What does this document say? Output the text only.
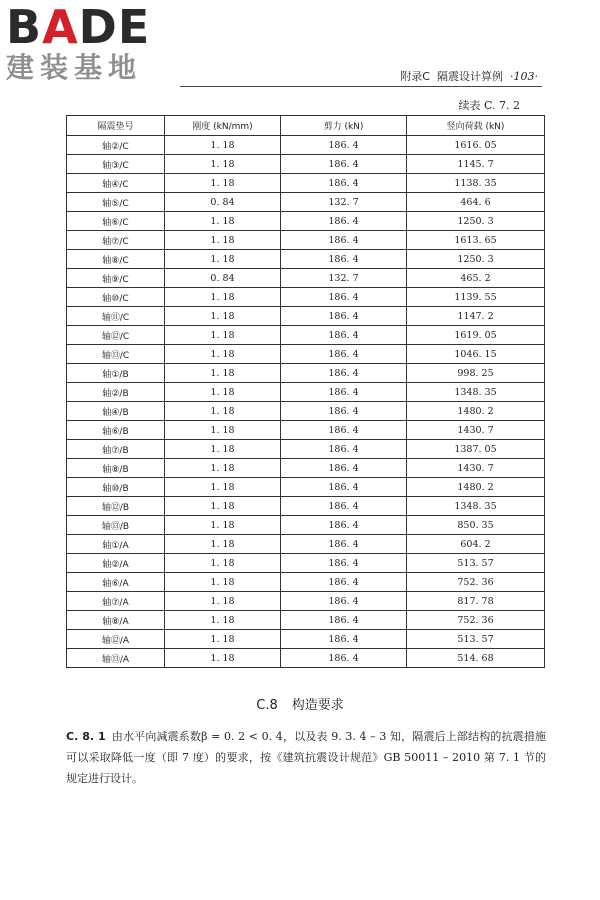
BADE
建装基地	附录C 隔震设计算例 ·103·
续表 C. 7. 2
隔震垫号	刚度 (kN/mm)	剪力 (kN)	竖向荷载 (kN)
轴②/C	1. 18	186. 4	1616. 05
轴③/C	1. 18	186. 4	1145. 7
轴④/C	1. 18	186. 4	1138. 35
轴⑤/C	0. 84	132. 7	464. 6
轴⑥/C	1. 18	186. 4	1250. 3
轴⑦/C	1. 18	186. 4	1613. 65
轴⑧/C	1. 18	186. 4	1250. 3
轴⑨/C	0. 84	132. 7	465. 2
轴⑩/C	1. 18	186. 4	1139. 55
轴⑪/C	1. 18	186. 4	1147. 2
轴⑫/C	1. 18	186. 4	1619. 05
轴⑬/C	1. 18	186. 4	1046. 15
轴①/B	1. 18	186. 4	998. 25
轴②/B	1. 18	186. 4	1348. 35
轴④/B	1. 18	186. 4	1480. 2
轴⑥/B	1. 18	186. 4	1430. 7
轴⑦/B	1. 18	186. 4	1387. 05
轴⑧/B	1. 18	186. 4	1430. 7
轴⑩/B	1. 18	186. 4	1480. 2
轴⑫/B	1. 18	186. 4	1348. 35
轴⑬/B	1. 18	186. 4	850. 35
轴①/A	1. 18	186. 4	604. 2
轴②/A	1. 18	186. 4	513. 57
轴⑥/A	1. 18	186. 4	752. 36
轴⑦/A	1. 18	186. 4	817. 78
轴⑧/A	1. 18	186. 4	752. 36
轴⑫/A	1. 18	186. 4	513. 57
轴⑬/A	1. 18	186. 4	514. 68
C.8 构造要求
C. 8. 1 由水平向减震系数β = 0. 2 < 0. 4，以及表 9. 3. 4 – 3 知，隔震后上部结构的抗震措施可以采取降低一度（即 7 度）的要求，按《建筑抗震设计规范》GB 50011 – 2010 第 7. 1 节的规定进行设计。
